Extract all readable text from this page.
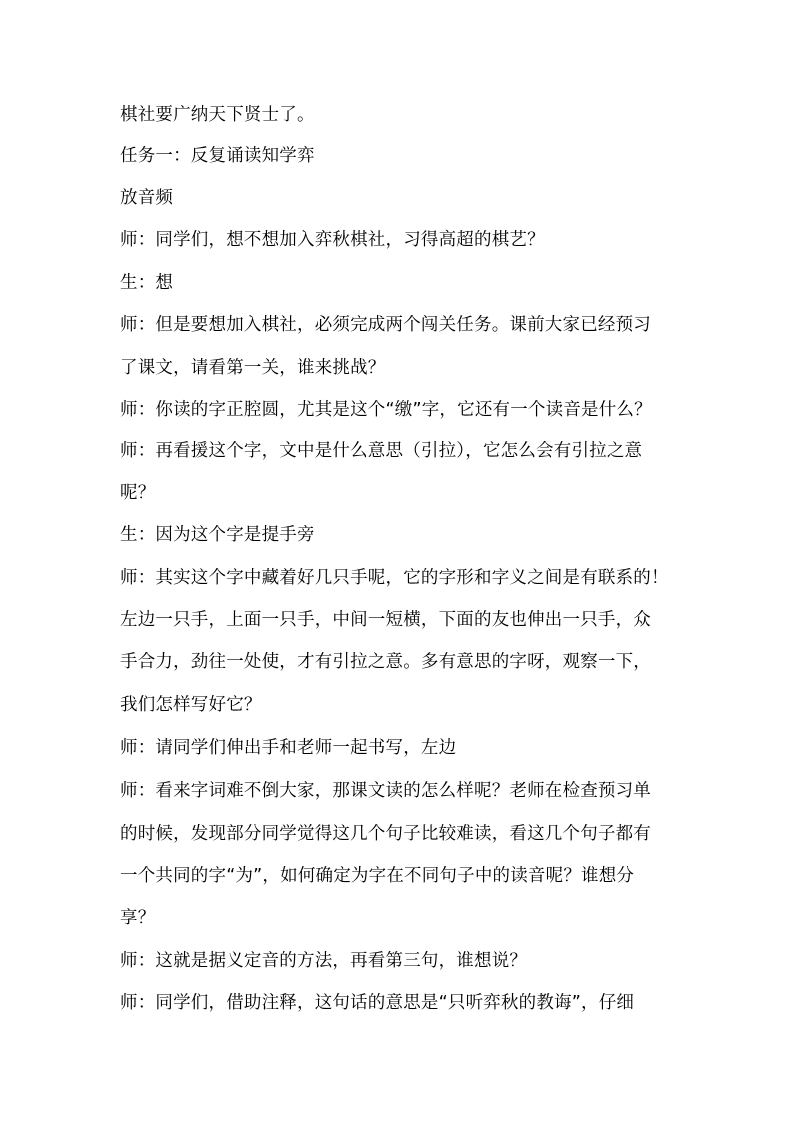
棋社要广纳天下贤士了。
任务一：反复诵读知学弈
放音频
师：同学们，想不想加入弈秋棋社，习得高超的棋艺？
生：想
师：但是要想加入棋社，必须完成两个闯关任务。课前大家已经预习
了课文，请看第一关，谁来挑战？
师：你读的字正腔圆，尤其是这个“缴”字，它还有一个读音是什么？
师：再看援这个字，文中是什么意思（引拉），它怎么会有引拉之意
呢？
生：因为这个字是提手旁
师：其实这个字中藏着好几只手呢，它的字形和字义之间是有联系的！
左边一只手，上面一只手，中间一短横，下面的友也伸出一只手，众
手合力，劲往一处使，才有引拉之意。多有意思的字呀，观察一下，
我们怎样写好它？
师：请同学们伸出手和老师一起书写，左边
师：看来字词难不倒大家，那课文读的怎么样呢？老师在检查预习单
的时候，发现部分同学觉得这几个句子比较难读，看这几个句子都有
一个共同的字“为”，如何确定为字在不同句子中的读音呢？谁想分
享？
师：这就是据义定音的方法，再看第三句，谁想说？
师：同学们，借助注释，这句话的意思是“只听弈秋的教诲”，仔细
